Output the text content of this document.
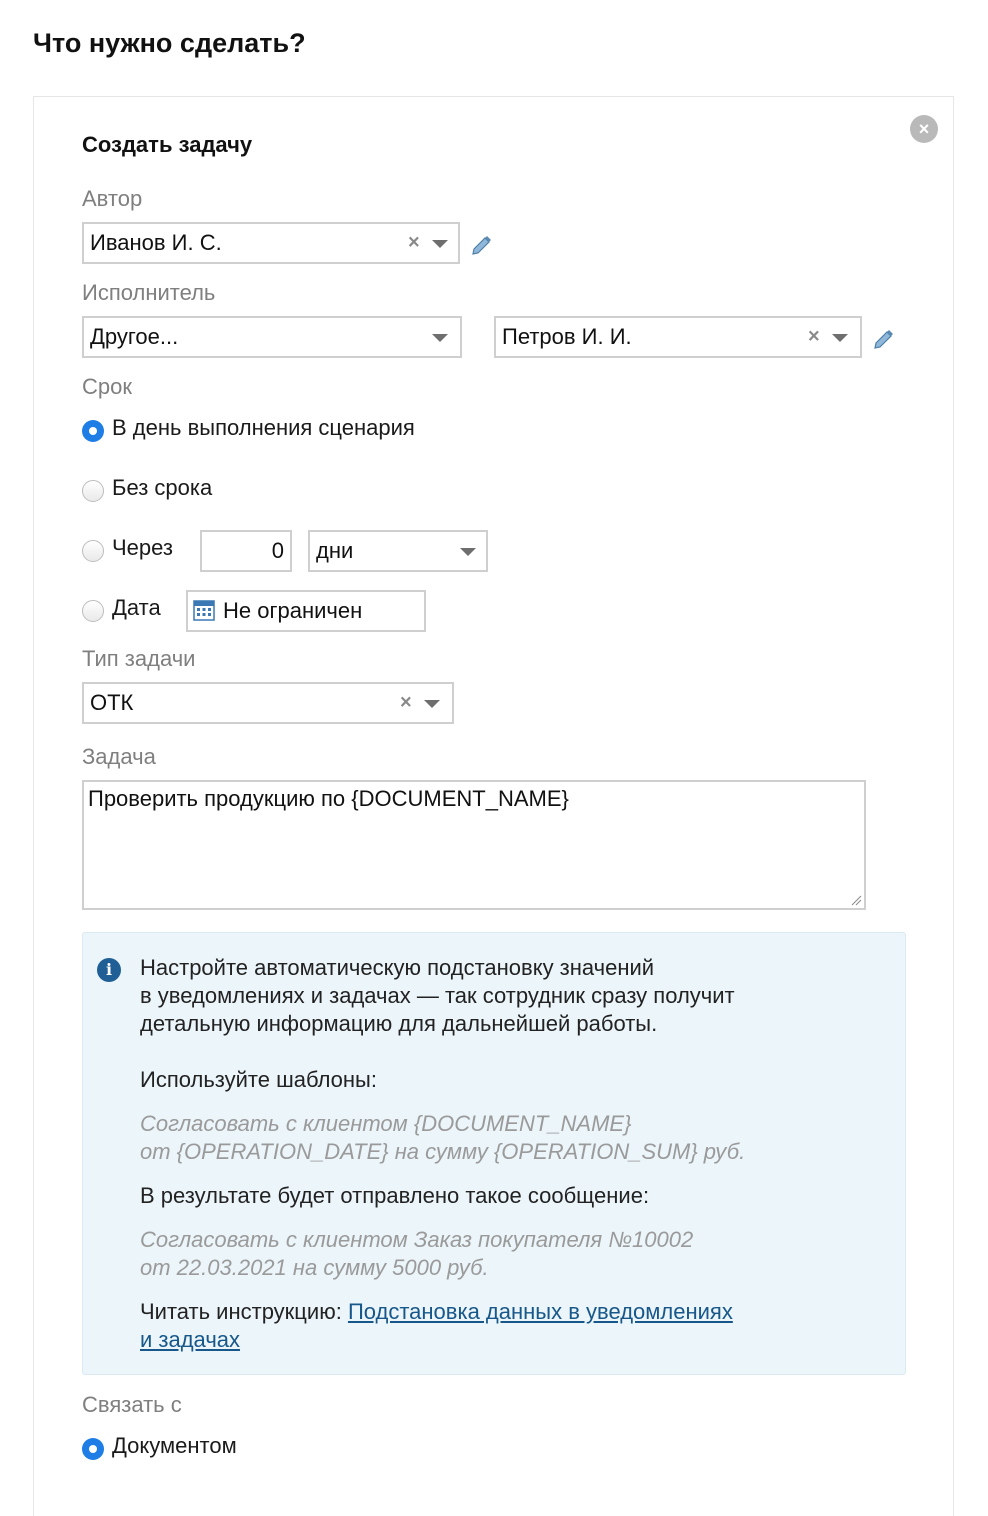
Что нужно сделать?
×
Создать задачу
Автор
Иванов И. С.	×
Исполнитель
Другое...	Петров И. И.	×
Срок
В день выполнения сценария
Без срока
Через	0 дни
Дата	Не ограничен
Тип задачи
ОТК	×
Задача
Проверить продукцию по {DOCUMENT_NAME}
i	Настройте автоматическую подстановку значений
в уведомлениях и задачах — так сотрудник сразу получит
детальную информацию для дальнейшей работы.
Используйте шаблоны:
Согласовать с клиентом {DOCUMENT_NAME}
от {OPERATION_DATE} на сумму {OPERATION_SUM} руб.
В результате будет отправлено такое сообщение:
Согласовать с клиентом Заказ покупателя №10002
от 22.03.2021 на сумму 5000 руб.
Читать инструкцию: Подстановка данных в уведомлениях
и задачах
Связать с
Документом
